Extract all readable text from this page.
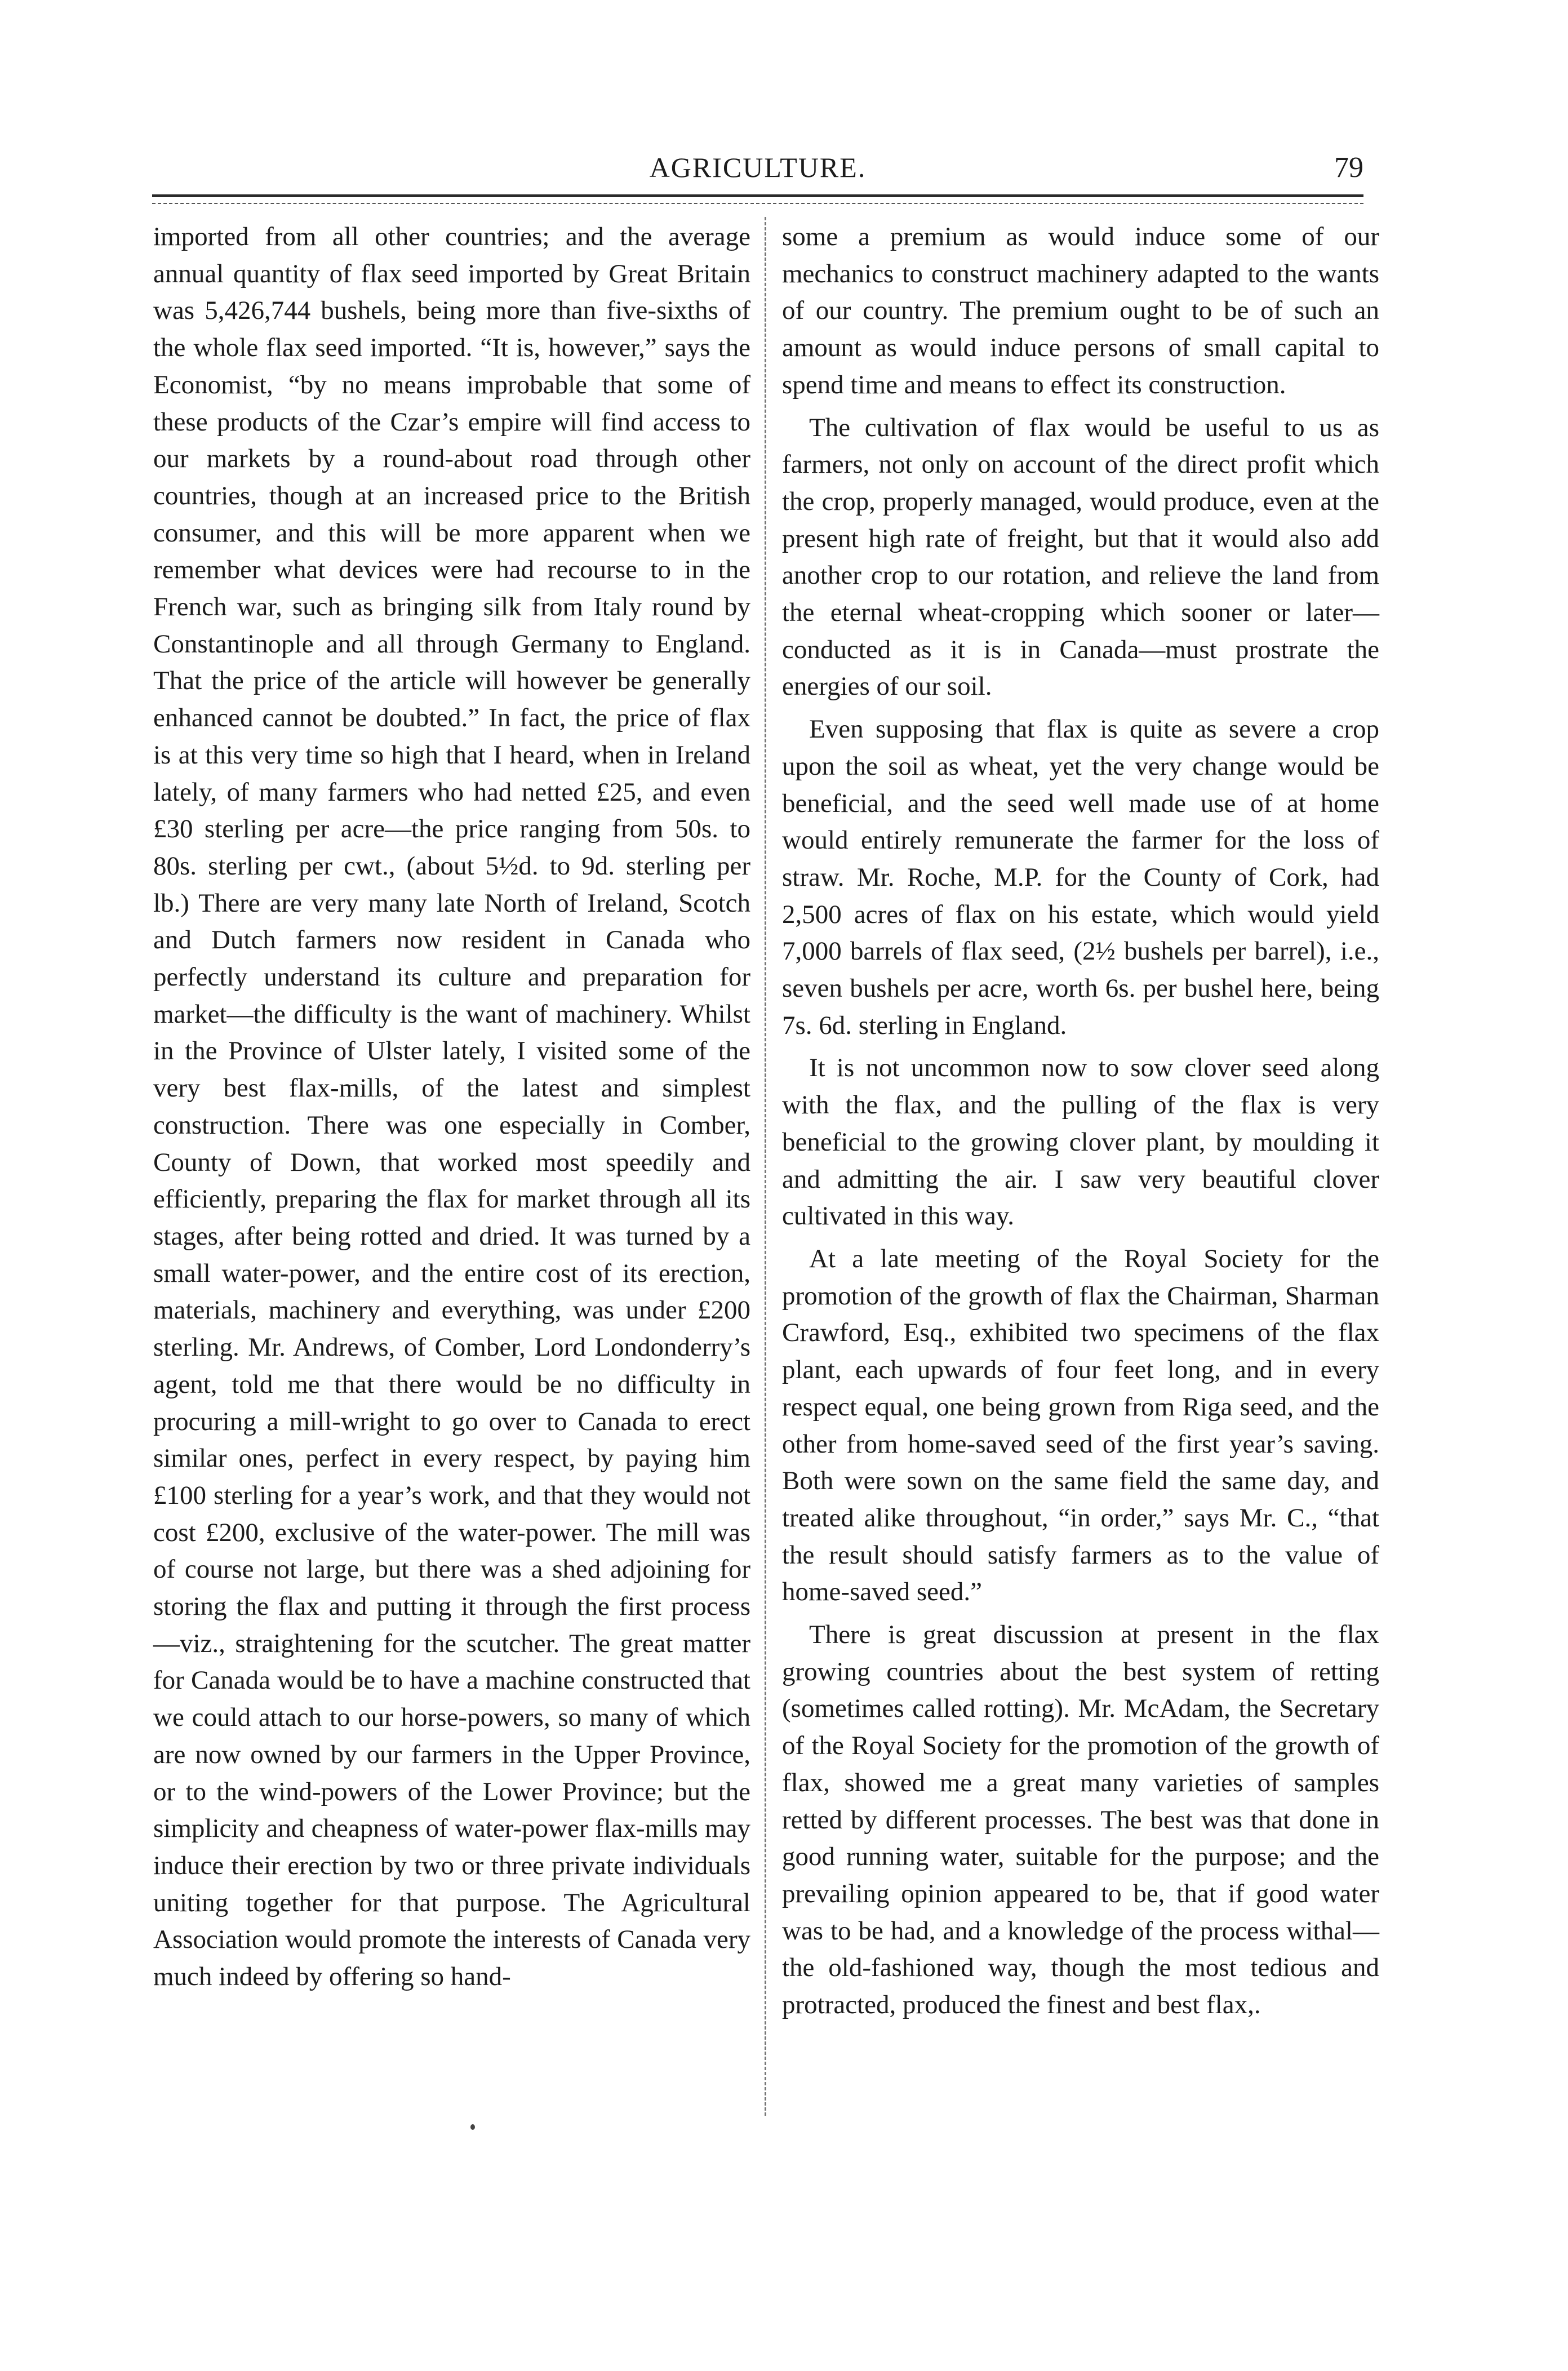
AGRICULTURE.	79

imported from all other countries; and the average annual quantity of flax seed imported by Great Britain was 5,426,744 bushels, being more than five-sixths of the whole flax seed imported. “It is, however,” says the Economist, “by no means improbable that some of these products of the Czar’s empire will find access to our markets by a round-about road through other countries, though at an increased price to the British consumer, and this will be more apparent when we remember what devices were had recourse to in the French war, such as bringing silk from Italy round by Constantinople and all through Germany to England. That the price of the article will however be generally enhanced cannot be doubted.” In fact, the price of flax is at this very time so high that I heard, when in Ireland lately, of many farmers who had netted £25, and even £30 sterling per acre—the price ranging from 50s. to 80s. sterling per cwt., (about 5½d. to 9d. sterling per lb.) There are very many late North of Ireland, Scotch and Dutch farmers now resident in Canada who perfectly understand its culture and preparation for market—the difficulty is the want of machinery. Whilst in the Province of Ulster lately, I visited some of the very best flax-mills, of the latest and simplest construction. There was one especially in Comber, County of Down, that worked most speedily and efficiently, preparing the flax for market through all its stages, after being rotted and dried. It was turned by a small water-power, and the entire cost of its erection, materials, machinery and everything, was under £200 sterling. Mr. Andrews, of Comber, Lord Londonderry’s agent, told me that there would be no difficulty in procuring a mill-wright to go over to Canada to erect similar ones, perfect in every respect, by paying him £100 sterling for a year’s work, and that they would not cost £200, exclusive of the water-power. The mill was of course not large, but there was a shed adjoining for storing the flax and putting it through the first process—viz., straightening for the scutcher. The great matter for Canada would be to have a machine constructed that we could attach to our horse-powers, so many of which are now owned by our farmers in the Upper Province, or to the wind-powers of the Lower Province; but the simplicity and cheapness of water-power flax-mills may induce their erection by two or three private individuals uniting together for that purpose. The Agricultural Association would promote the interests of Canada very much indeed by offering so hand-

some a premium as would induce some of our mechanics to construct machinery adapted to the wants of our country. The premium ought to be of such an amount as would induce persons of small capital to spend time and means to effect its construction.

The cultivation of flax would be useful to us as farmers, not only on account of the direct profit which the crop, properly managed, would produce, even at the present high rate of freight, but that it would also add another crop to our rotation, and relieve the land from the eternal wheat-cropping which sooner or later—conducted as it is in Canada—must prostrate the energies of our soil.

Even supposing that flax is quite as severe a crop upon the soil as wheat, yet the very change would be beneficial, and the seed well made use of at home would entirely remunerate the farmer for the loss of straw. Mr. Roche, M.P. for the County of Cork, had 2,500 acres of flax on his estate, which would yield 7,000 barrels of flax seed, (2½ bushels per barrel), i.e., seven bushels per acre, worth 6s. per bushel here, being 7s. 6d. sterling in England.

It is not uncommon now to sow clover seed along with the flax, and the pulling of the flax is very beneficial to the growing clover plant, by moulding it and admitting the air. I saw very beautiful clover cultivated in this way.

At a late meeting of the Royal Society for the promotion of the growth of flax the Chairman, Sharman Crawford, Esq., exhibited two specimens of the flax plant, each upwards of four feet long, and in every respect equal, one being grown from Riga seed, and the other from home-saved seed of the first year’s saving. Both were sown on the same field the same day, and treated alike throughout, “in order,” says Mr. C., “that the result should satisfy farmers as to the value of home-saved seed.”

There is great discussion at present in the flax growing countries about the best system of retting (sometimes called rotting). Mr. McAdam, the Secretary of the Royal Society for the promotion of the growth of flax, showed me a great many varieties of samples retted by different processes. The best was that done in good running water, suitable for the purpose; and the prevailing opinion appeared to be, that if good water was to be had, and a knowledge of the process withal—the old-fashioned way, though the most tedious and protracted, produced the finest and best flax,.
